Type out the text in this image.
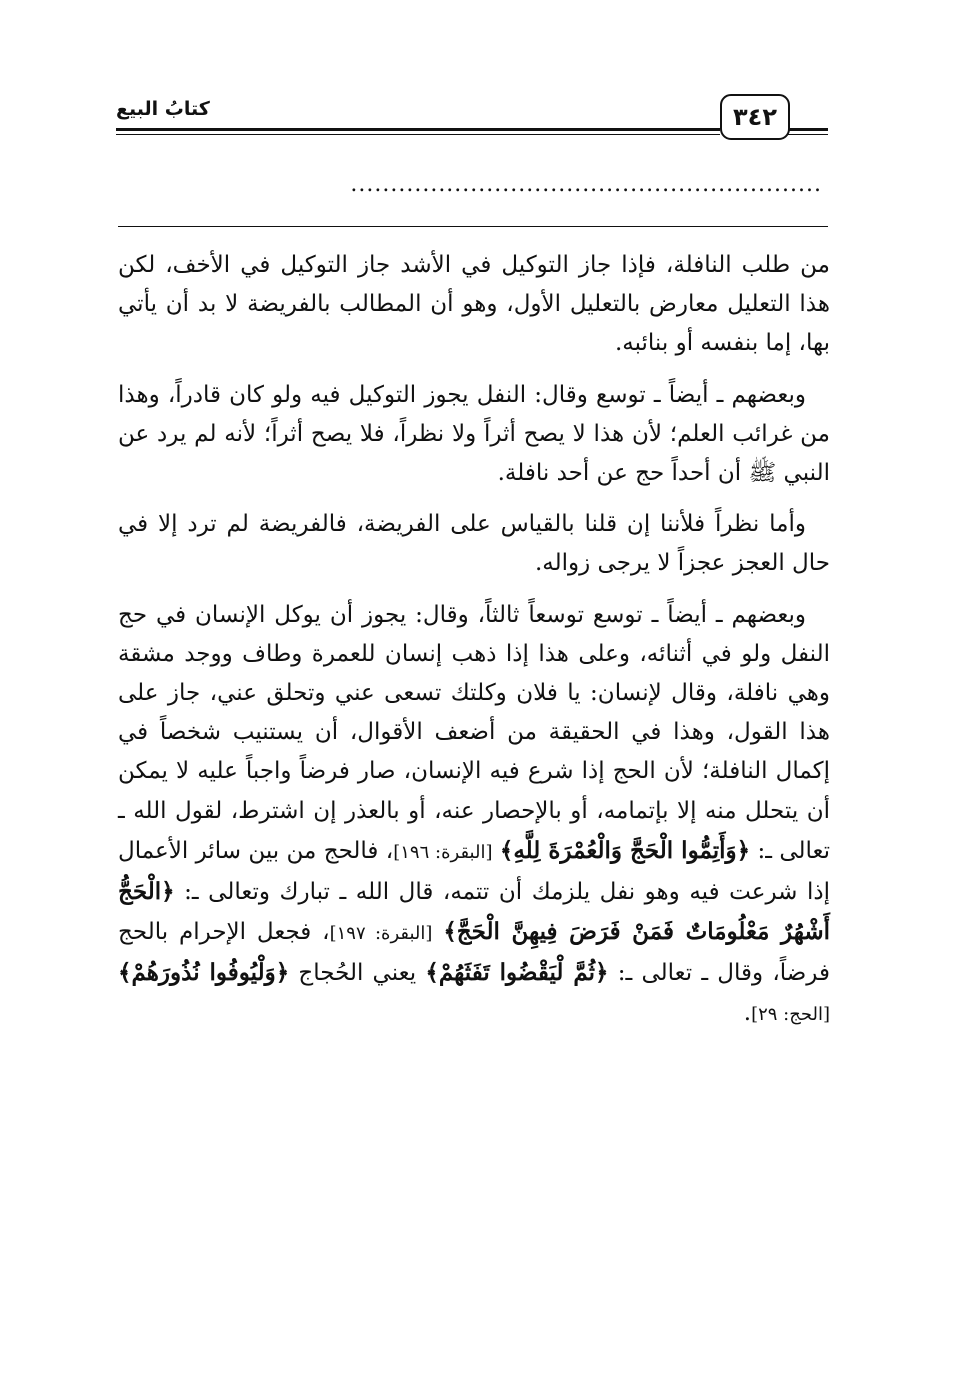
كتابُ البيع	٣٤٢
...........................................................

من طلب النافلة، فإذا جاز التوكيل في الأشد جاز التوكيل في الأخف، لكن هذا التعليل معارض بالتعليل الأول، وهو أن المطالب بالفريضة لا بد أن يأتي بها، إما بنفسه أو بنائبه.

وبعضهم ـ أيضاً ـ توسع وقال: النفل يجوز التوكيل فيه ولو كان قادراً، وهذا من غرائب العلم؛ لأن هذا لا يصح أثراً ولا نظراً، فلا يصح أثراً؛ لأنه لم يرد عن النبي ﷺ أن أحداً حج عن أحد نافلة.

وأما نظراً فلأننا إن قلنا بالقياس على الفريضة، فالفريضة لم ترد إلا في حال العجز عجزاً لا يرجى زواله.

وبعضهم ـ أيضاً ـ توسع توسعاً ثالثاً، وقال: يجوز أن يوكل الإنسان في حج النفل ولو في أثنائه، وعلى هذا إذا ذهب إنسان للعمرة وطاف ووجد مشقة وهي نافلة، وقال لإنسان: يا فلان وكلتك تسعى عني وتحلق عني، جاز على هذا القول، وهذا في الحقيقة من أضعف الأقوال، أن يستنيب شخصاً في إكمال النافلة؛ لأن الحج إذا شرع فيه الإنسان، صار فرضاً واجباً عليه لا يمكن أن يتحلل منه إلا بإتمامه، أو بالإحصار عنه، أو بالعذر إن اشترط، لقول الله ـ تعالى ـ: ﴿وَأَتِمُّوا الْحَجَّ وَالْعُمْرَةَ لِلَّهِ﴾ [البقرة: ١٩٦]، فالحج من بين سائر الأعمال إذا شرعت فيه وهو نفل يلزمك أن تتمه، قال الله ـ تبارك وتعالى ـ: ﴿الْحَجُّ أَشْهُرٌ مَعْلُومَاتٌ فَمَنْ فَرَضَ فِيهِنَّ الْحَجَّ﴾ [البقرة: ١٩٧]، فجعل الإحرام بالحج فرضاً، وقال ـ تعالى ـ: ﴿ثُمَّ لْيَقْضُوا تَفَثَهُمْ﴾ يعني الحُجاج ﴿وَلْيُوفُوا نُذُورَهُمْ﴾ [الحج: ٢٩].
